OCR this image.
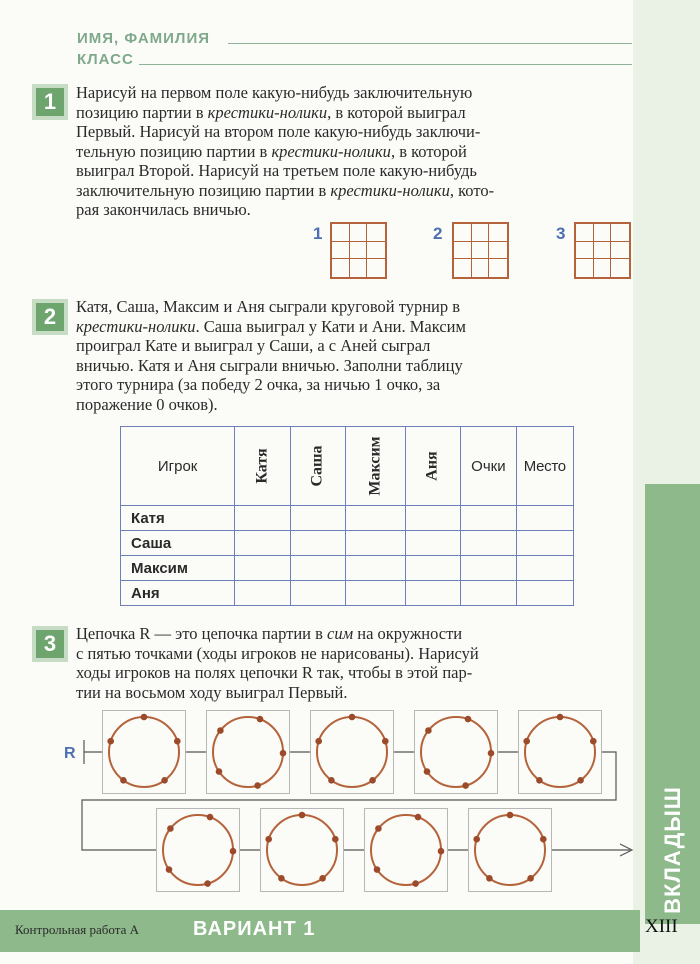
ВКЛАДЫШ
ИМЯ, ФАМИЛИЯ
КЛАСС
1	Нарисуй на первом поле какую-нибудь заключительную
позицию партии в крестики-нолики, в которой выиграл
Первый. Нарисуй на втором поле какую-нибудь заключи-
тельную позицию партии в крестики-нолики, в которой
выиграл Второй. Нарисуй на третьем поле какую-нибудь
заключительную позицию партии в крестики-нолики, кото-
рая закончилась вничью.
1	2	3
2	Катя, Саша, Максим и Аня сыграли круговой турнир в
крестики-нолики. Саша выиграл у Кати и Ани. Максим
проиграл Кате и выиграл у Саши, а с Аней сыграл
вничью. Катя и Аня сыграли вничью. Заполни таблицу
этого турнира (за победу 2 очка, за ничью 1 очко, за
поражение 0 очков).
Игрок	Катя	Саша	Максим	Аня	Очки	Место
Катя						
Саша						
Максим						
Аня						
3	Цепочка R — это цепочка партии в сим на окружности
с пятью точками (ходы игроков не нарисованы). Нарисуй
ходы игроков на полях цепочки R так, чтобы в этой пар-
тии на восьмом ходу выиграл Первый.
R
Контрольная работа А	ВАРИАНТ 1	XIII
